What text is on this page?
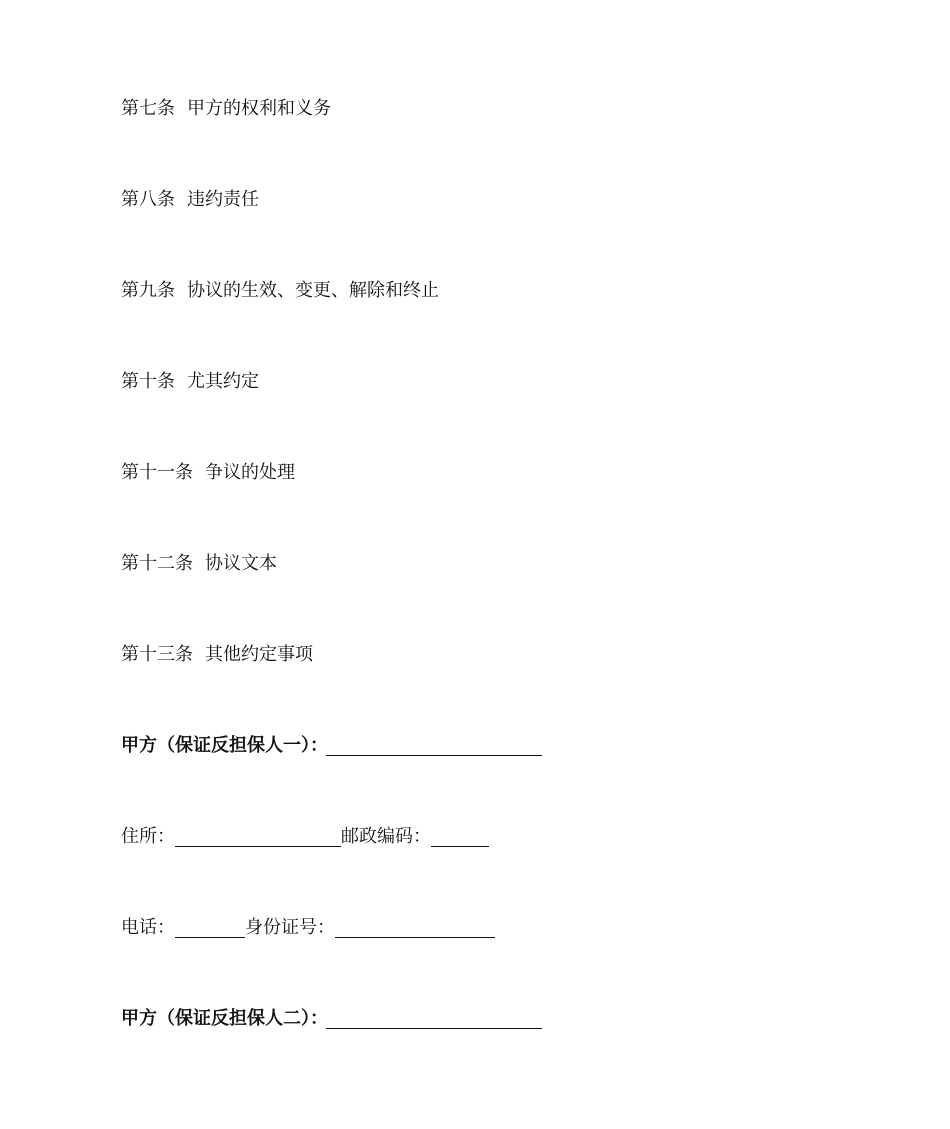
第七条 甲方的权利和义务
第八条 违约责任
第九条 协议的生效、变更、解除和终止
第十条 尤其约定
第十一条 争议的处理
第十二条 协议文本
第十三条 其他约定事项
甲方（保证反担保人一）：
住所：	邮政编码：
电话：	身份证号：
甲方（保证反担保人二）：
